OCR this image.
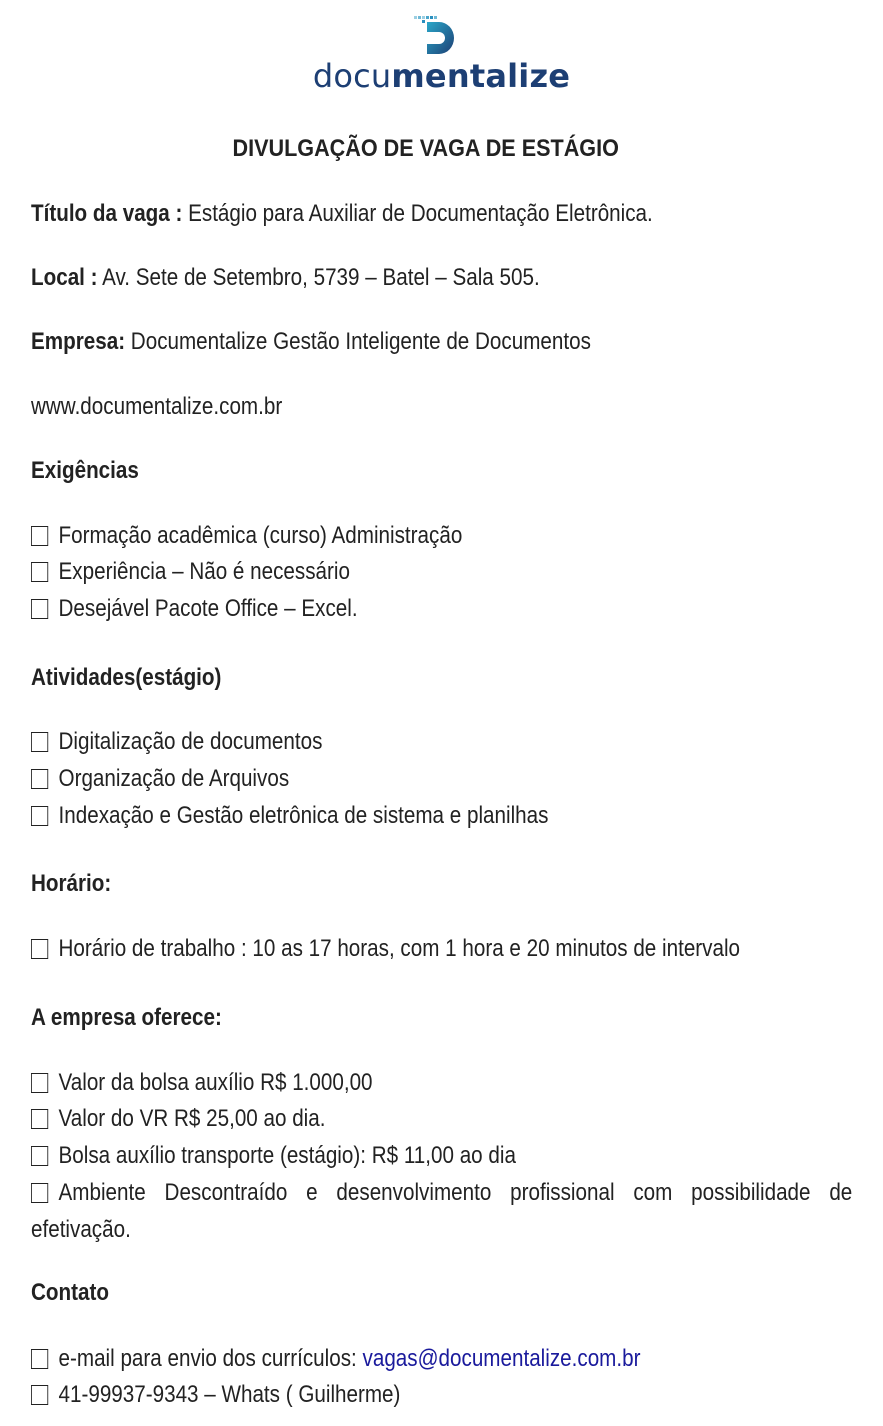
documentalize
DIVULGAÇÃO DE VAGA DE ESTÁGIO
Título da vaga : Estágio para Auxiliar de Documentação Eletrônica.
Local : Av. Sete de Setembro, 5739 – Batel – Sala 505.
Empresa: Documentalize Gestão Inteligente de Documentos
www.documentalize.com.br
Exigências
Formação acadêmica (curso) Administração
Experiência – Não é necessário
Desejável Pacote Office – Excel.
Atividades(estágio)
Digitalização de documentos
Organização de Arquivos
Indexação e Gestão eletrônica de sistema e planilhas
Horário:
Horário de trabalho : 10 as 17 horas, com 1 hora e 20 minutos de intervalo
A empresa oferece:
Valor da bolsa auxílio R$ 1.000,00
Valor do VR R$ 25,00 ao dia.
Bolsa auxílio transporte (estágio): R$ 11,00 ao dia
Ambiente Descontraído e desenvolvimento profissional com possibilidade de efetivação.
Contato
e-mail para envio dos currículos: vagas@documentalize.com.br
41-99937-9343 – Whats ( Guilherme)
